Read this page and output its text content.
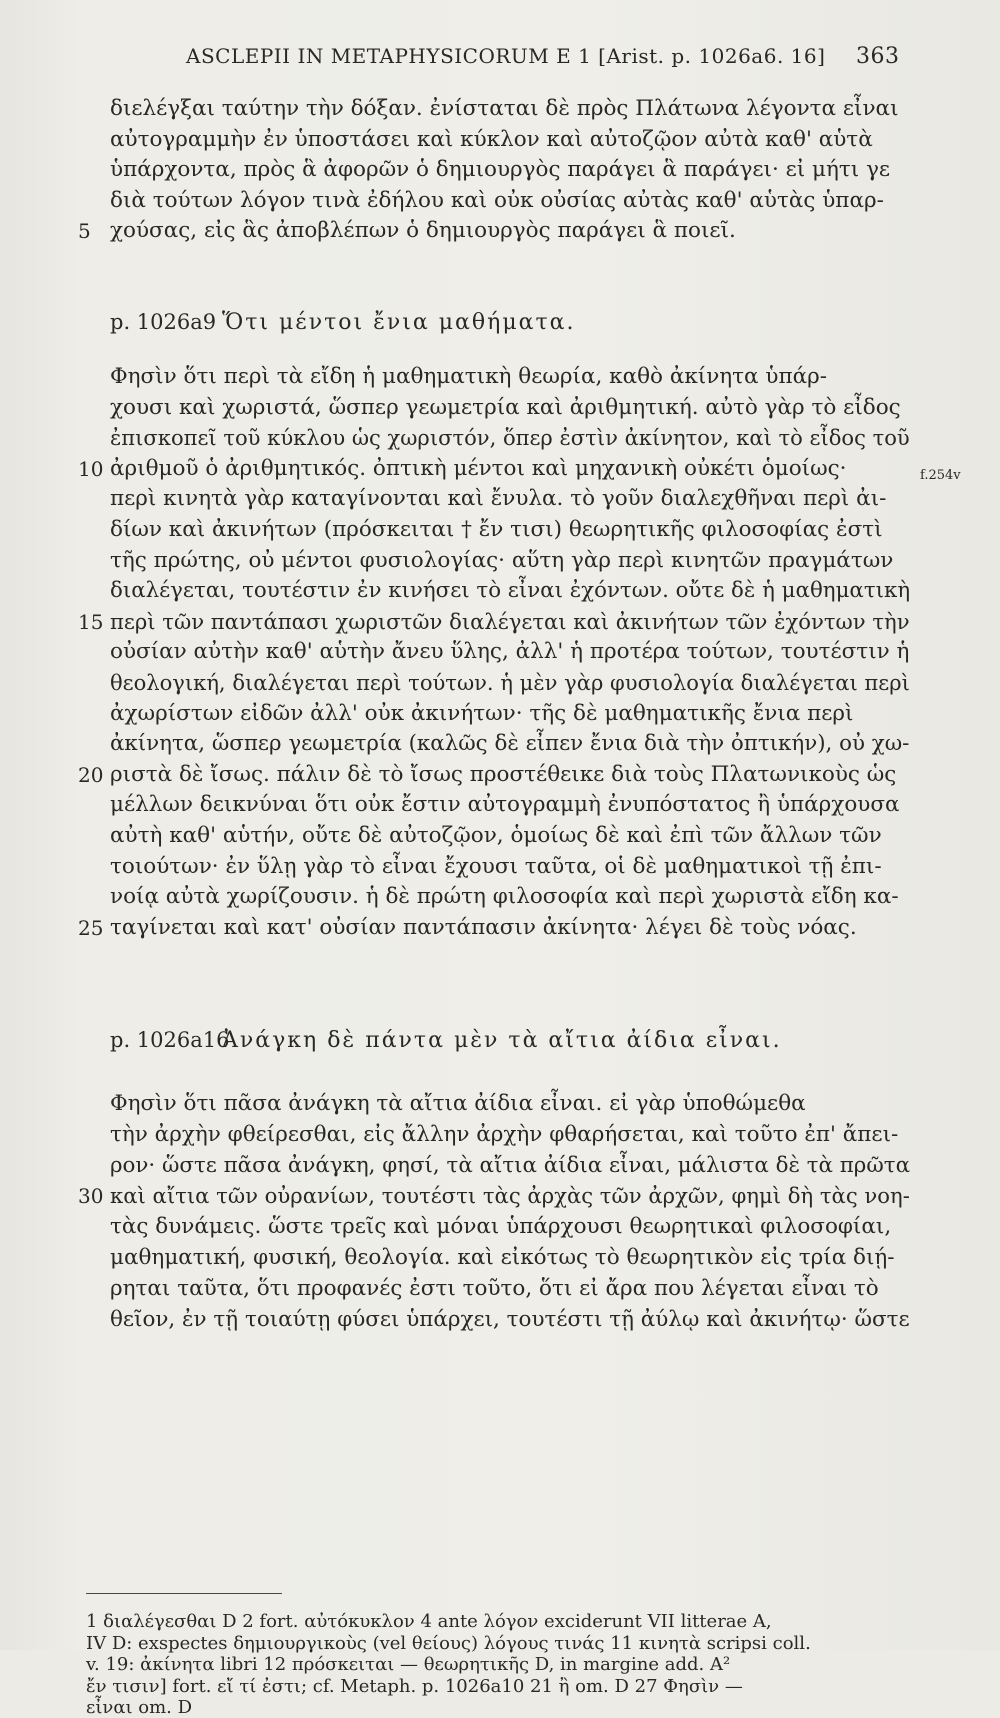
ASCLEPII IN METAPHYSICORUM E 1 [Arist. p. 1026a6. 16] 363
διελέγξαι ταύτην τὴν δόξαν. ἐνίσταται δὲ πρὸς Πλάτωνα λέγοντα εἶναι
αὐτογραμμὴν ἐν ὑποστάσει καὶ κύκλον καὶ αὐτοζῷον αὐτὰ καθ' αὑτὰ
ὑπάρχοντα, πρὸς ἃ ἀφορῶν ὁ δημιουργὸς παράγει ἃ παράγει· εἰ μήτι γε
διὰ τούτων λόγον τινὰ ἐδήλου καὶ οὐκ οὐσίας αὐτὰς καθ' αὑτὰς ὑπαρ-
5 χούσας, εἰς ἃς ἀποβλέπων ὁ δημιουργὸς παράγει ἃ ποιεῖ.
p. 1026a9 Ὅτι μέντοι ἔνια μαθήματα.
f.254v
Φησὶν ὅτι περὶ τὰ εἴδη ἡ μαθηματικὴ θεωρία, καθὸ ἀκίνητα ὑπάρ-
χουσι καὶ χωριστά, ὥσπερ γεωμετρία καὶ ἀριθμητική. αὐτὸ γὰρ τὸ εἶδος
ἐπισκοπεῖ τοῦ κύκλου ὡς χωριστόν, ὅπερ ἐστὶν ἀκίνητον, καὶ τὸ εἶδος τοῦ
10 ἀριθμοῦ ὁ ἀριθμητικός. ὀπτικὴ μέντοι καὶ μηχανικὴ οὐκέτι ὁμοίως·
περὶ κινητὰ γὰρ καταγίνονται καὶ ἔνυλα. τὸ γοῦν διαλεχθῆναι περὶ ἀι-
δίων καὶ ἀκινήτων (πρόσκειται † ἔν τισι) θεωρητικῆς φιλοσοφίας ἐστὶ
τῆς πρώτης, οὐ μέντοι φυσιολογίας· αὕτη γὰρ περὶ κινητῶν πραγμάτων
διαλέγεται, τουτέστιν ἐν κινήσει τὸ εἶναι ἐχόντων. οὔτε δὲ ἡ μαθηματικὴ
15 περὶ τῶν παντάπασι χωριστῶν διαλέγεται καὶ ἀκινήτων τῶν ἐχόντων τὴν
οὐσίαν αὐτὴν καθ' αὑτὴν ἄνευ ὕλης, ἀλλ' ἡ προτέρα τούτων, τουτέστιν ἡ
θεολογική, διαλέγεται περὶ τούτων. ἡ μὲν γὰρ φυσιολογία διαλέγεται περὶ
ἀχωρίστων εἰδῶν ἀλλ' οὐκ ἀκινήτων· τῆς δὲ μαθηματικῆς ἔνια περὶ
ἀκίνητα, ὥσπερ γεωμετρία (καλῶς δὲ εἶπεν ἔνια διὰ τὴν ὀπτικήν), οὐ χω-
20 ριστὰ δὲ ἴσως. πάλιν δὲ τὸ ἴσως προστέθεικε διὰ τοὺς Πλατωνικοὺς ὡς
μέλλων δεικνύναι ὅτι οὐκ ἔστιν αὐτογραμμὴ ἐνυπόστατος ἢ ὑπάρχουσα
αὐτὴ καθ' αὑτήν, οὔτε δὲ αὐτοζῷον, ὁμοίως δὲ καὶ ἐπὶ τῶν ἄλλων τῶν
τοιούτων· ἐν ὕλῃ γὰρ τὸ εἶναι ἔχουσι ταῦτα, οἱ δὲ μαθηματικοὶ τῇ ἐπι-
νοίᾳ αὐτὰ χωρίζουσιν. ἡ δὲ πρώτη φιλοσοφία καὶ περὶ χωριστὰ εἴδη κα-
25 ταγίνεται καὶ κατ' οὐσίαν παντάπασιν ἀκίνητα· λέγει δὲ τοὺς νόας.
p. 1026a16Ἀνάγκη δὲ πάντα μὲν τὰ αἴτια ἀίδια εἶναι.
Φησὶν ὅτι πᾶσα ἀνάγκη τὰ αἴτια ἀίδια εἶναι. εἰ γὰρ ὑποθώμεθα
τὴν ἀρχὴν φθείρεσθαι, εἰς ἄλλην ἀρχὴν φθαρήσεται, καὶ τοῦτο ἐπ' ἄπει-
ρον· ὥστε πᾶσα ἀνάγκη, φησί, τὰ αἴτια ἀίδια εἶναι, μάλιστα δὲ τὰ πρῶτα
30 καὶ αἴτια τῶν οὐρανίων, τουτέστι τὰς ἀρχὰς τῶν ἀρχῶν, φημὶ δὴ τὰς νοη-
τὰς δυνάμεις. ὥστε τρεῖς καὶ μόναι ὑπάρχουσι θεωρητικαὶ φιλοσοφίαι,
μαθηματική, φυσική, θεολογία. καὶ εἰκότως τὸ θεωρητικὸν εἰς τρία διῄ-
ρηται ταῦτα, ὅτι προφανές ἐστι τοῦτο, ὅτι εἰ ἄρα που λέγεται εἶναι τὸ
θεῖον, ἐν τῇ τοιαύτῃ φύσει ὑπάρχει, τουτέστι τῇ ἀύλῳ καὶ ἀκινήτῳ· ὥστε
1 διαλέγεσθαι D 2 fort. αὐτόκυκλον 4 ante λόγον exciderunt VII litterae A,
IV D: exspectes δημιουργικοὺς (vel θείους) λόγους τινάς 11 κινητὰ scripsi coll.
v. 19: ἀκίνητα libri 12 πρόσκειται — θεωρητικῆς D, in margine add. A²
ἔν τισιν] fort. εἴ τί ἐστι; cf. Metaph. p. 1026a10 21 ἢ om. D 27 Φησὶν —
εἶναι om. D
